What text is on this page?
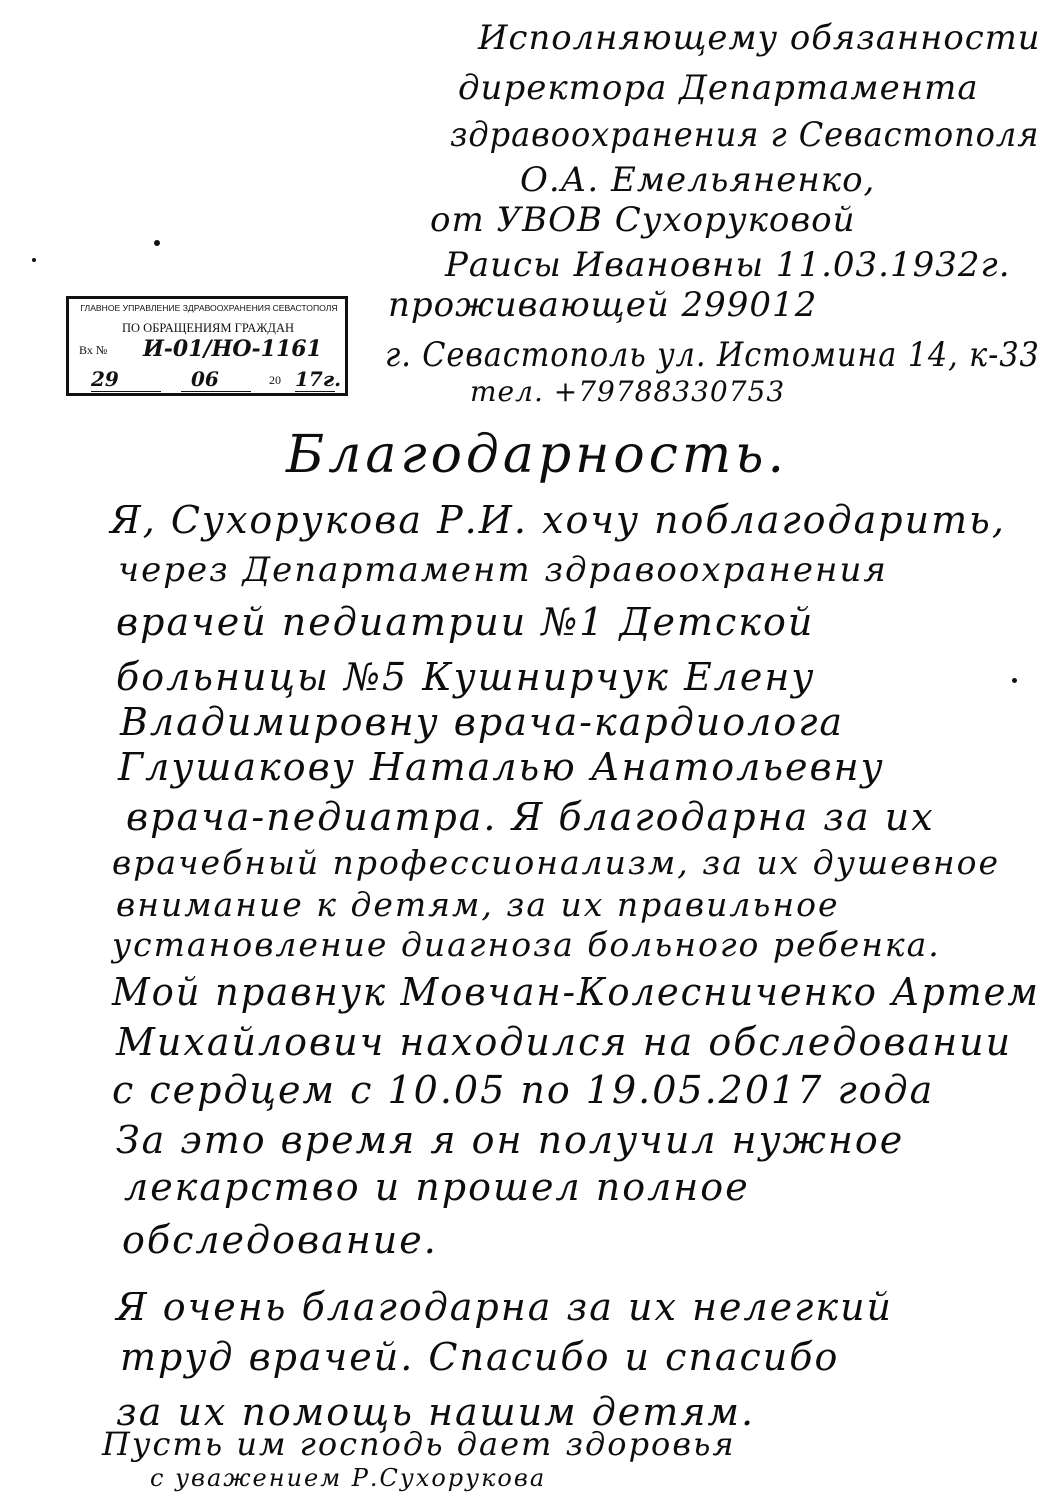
Исполняющему обязанности
директора Департамента
здравоохранения г Севастополя
О.А. Емельяненко,
от УВОВ Сухоруковой
Раисы Ивановны 11.03.1932г.
проживающей 299012
г. Севастополь ул. Истомина 14, к-33
тел. +79788330753
ГЛАВНОЕ УПРАВЛЕНИЕ ЗДРАВООХРАНЕНИЯ СЕВАСТОПОЛЯ
ПО ОБРАЩЕНИЯМ ГРАЖДАН
Вх № И-01/НО-1161
29	06	20 17г.
Благодарность.
Я, Сухорукова Р.И. хочу поблагодарить,
через Департамент здравоохранения
врачей педиатрии №1 Детской
больницы №5 Кушнирчук Елену
Владимировну врача-кардиолога
Глушакову Наталью Анатольевну
врача-педиатра. Я благодарна за их
врачебный профессионализм, за их душевное
внимание к детям, за их правильное
установление диагноза больного ребенка.
Мой правнук Мовчан-Колесниченко Артем
Михайлович находился на обследовании
с сердцем с 10.05 по 19.05.2017 года
За это время я он получил нужное
лекарство и прошел полное
обследование.
Я очень благодарна за их нелегкий
труд врачей. Спасибо и спасибо
за их помощь нашим детям.
Пусть им господь дает здоровья
с уважением Р.Сухорукова
